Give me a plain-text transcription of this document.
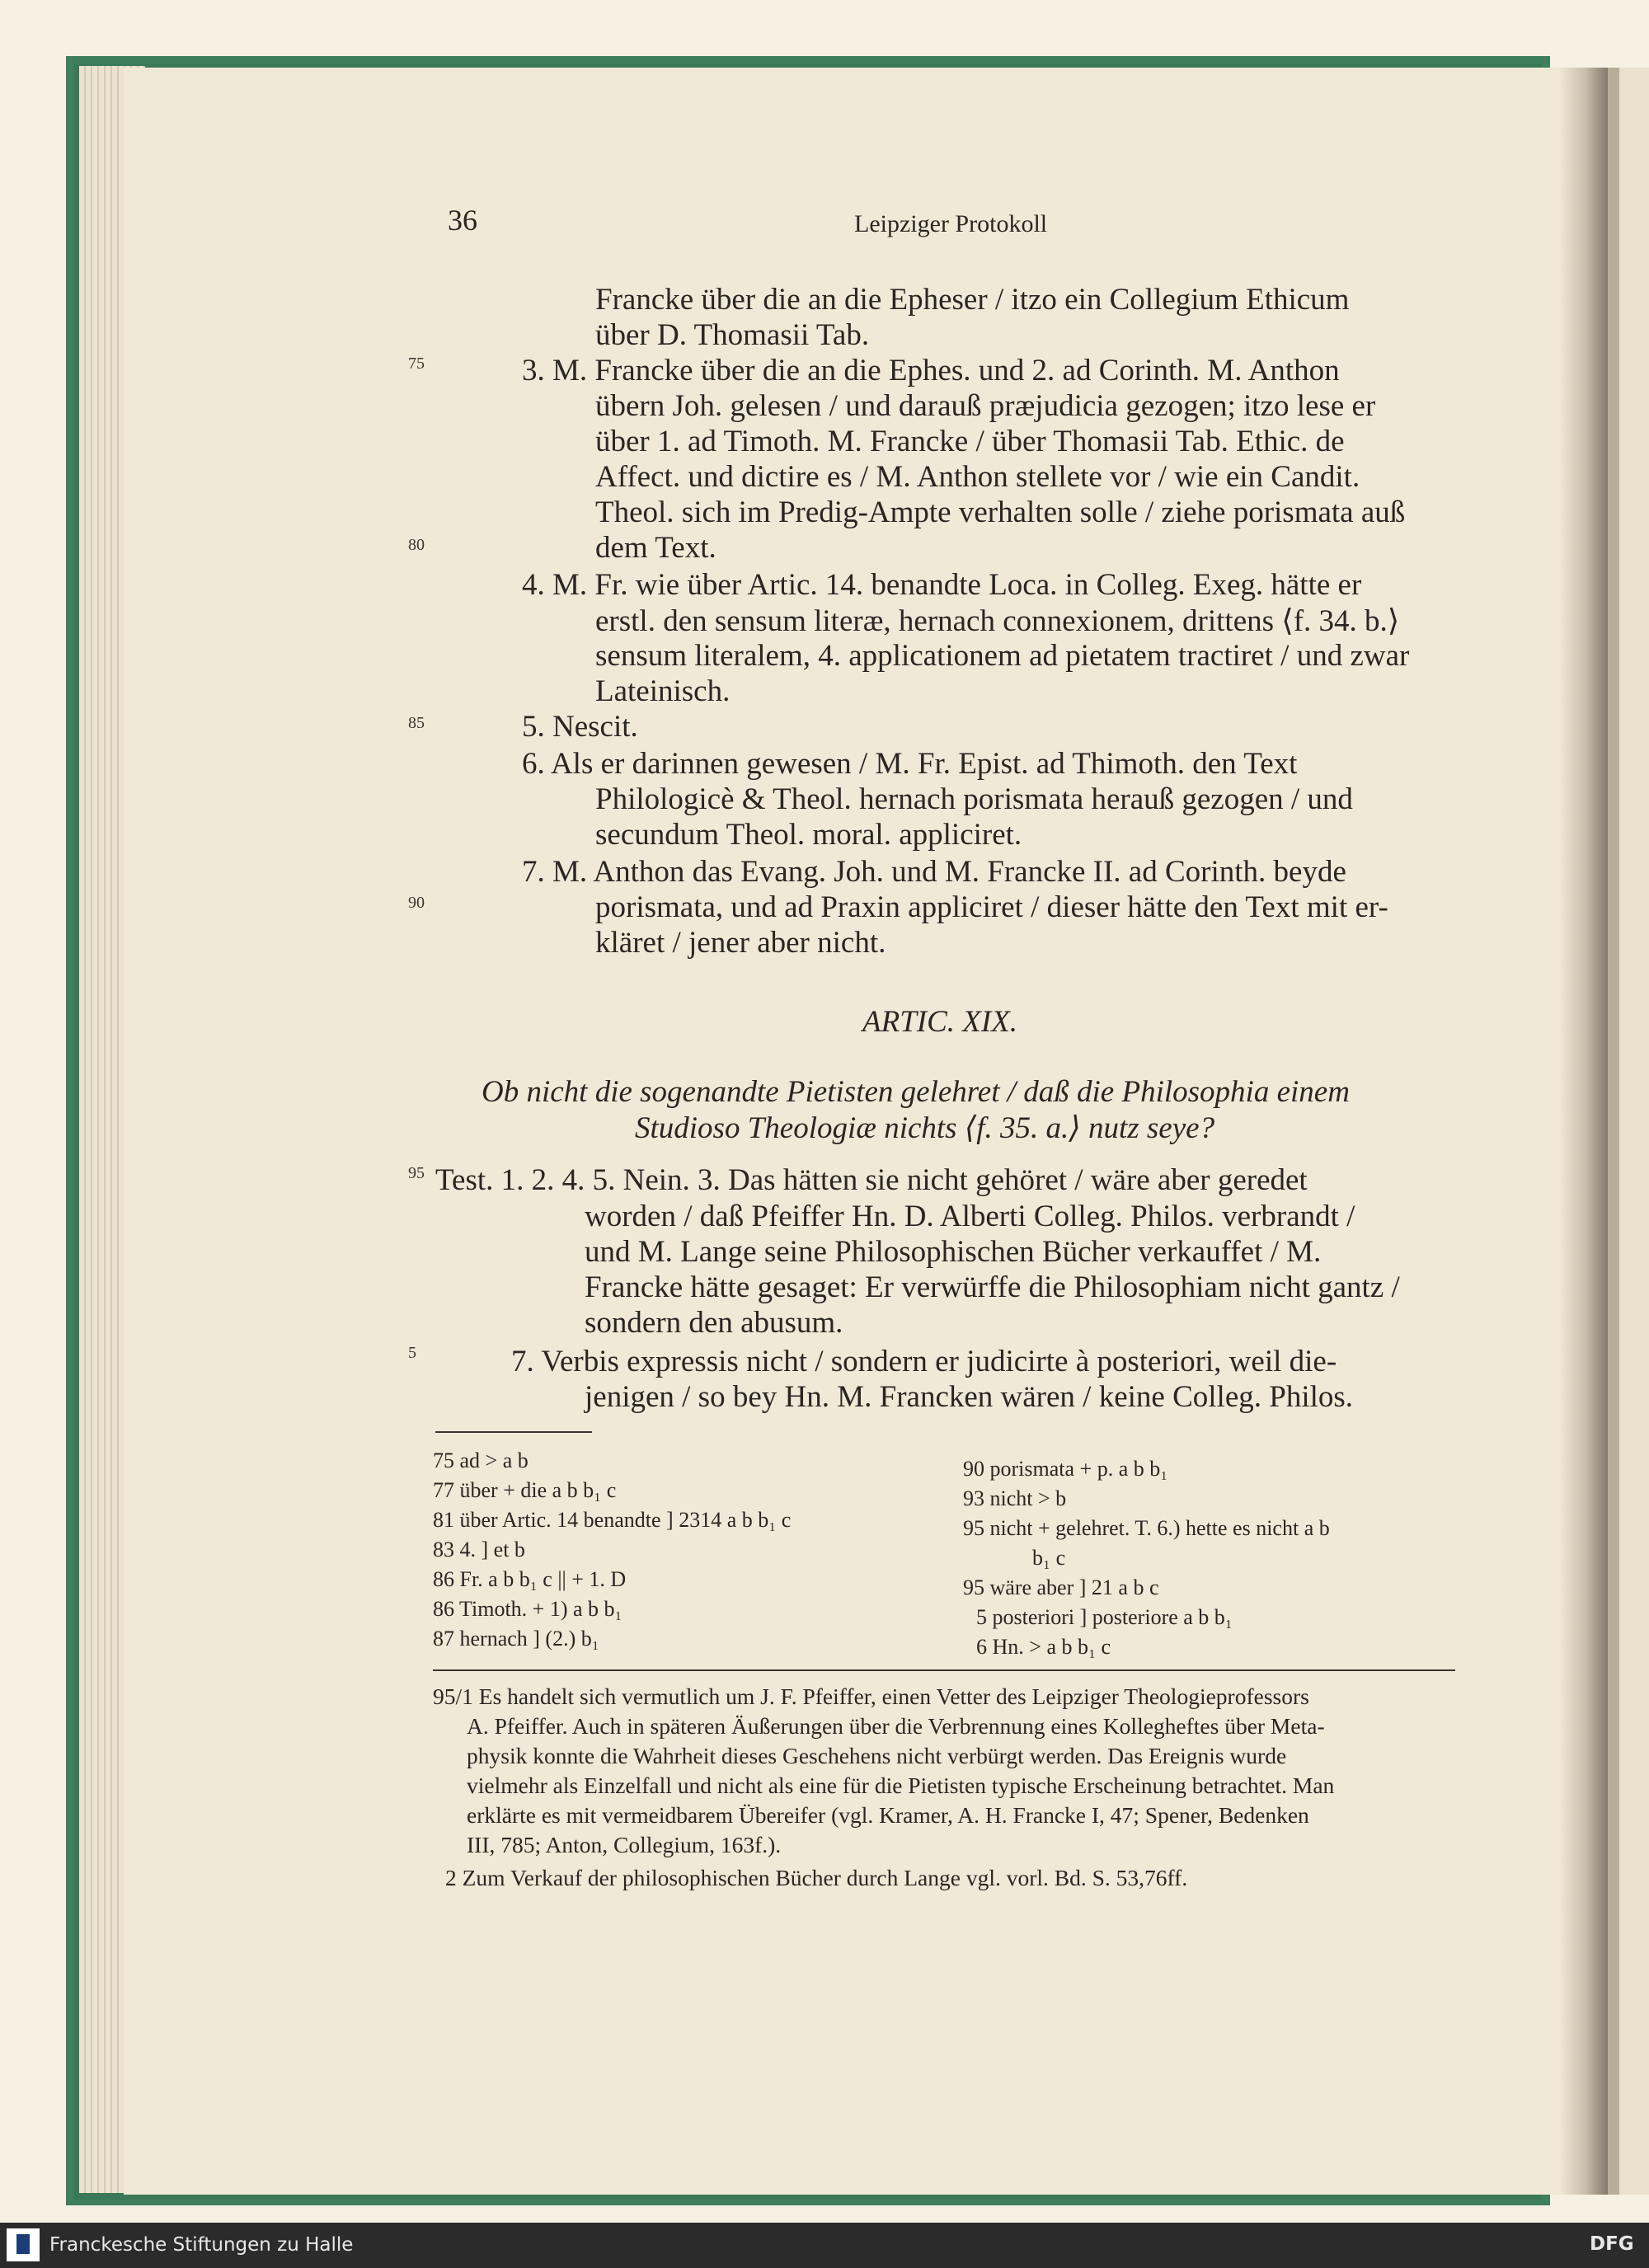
36	Leipziger Protokoll
75
80
85
90
95
5
Francke über die an die Epheser / itzo ein Collegium Ethicum
über D. Thomasii Tab.
3. M. Francke über die an die Ephes. und 2. ad Corinth. M. Anthon
übern Joh. gelesen / und darauß præjudicia gezogen; itzo lese er
über 1. ad Timoth. M. Francke / über Thomasii Tab. Ethic. de
Affect. und dictire es / M. Anthon stellete vor / wie ein Candit.
Theol. sich im Predig-Ampte verhalten solle / ziehe porismata auß
dem Text.
4. M. Fr. wie über Artic. 14. benandte Loca. in Colleg. Exeg. hätte er
erstl. den sensum literæ, hernach connexionem, drittens ⟨f. 34. b.⟩
sensum literalem, 4. applicationem ad pietatem tractiret / und zwar
Lateinisch.
5. Nescit.
6. Als er darinnen gewesen / M. Fr. Epist. ad Thimoth. den Text
Philologicè & Theol. hernach porismata herauß gezogen / und
secundum Theol. moral. appliciret.
7. M. Anthon das Evang. Joh. und M. Francke II. ad Corinth. beyde
porismata, und ad Praxin appliciret / dieser hätte den Text mit er-
kläret / jener aber nicht.
ARTIC. XIX.
Ob nicht die sogenandte Pietisten gelehret / daß die Philosophia einem
Studioso Theologiæ nichts ⟨f. 35. a.⟩ nutz seye?
Test. 1. 2. 4. 5. Nein. 3. Das hätten sie nicht gehöret / wäre aber geredet
worden / daß Pfeiffer Hn. D. Alberti Colleg. Philos. verbrandt /
und M. Lange seine Philosophischen Bücher verkauffet / M.
Francke hätte gesaget: Er verwürffe die Philosophiam nicht gantz /
sondern den abusum.
7. Verbis expressis nicht / sondern er judicirte à posteriori, weil die-
jenigen / so bey Hn. M. Francken wären / keine Colleg. Philos.
75 ad > a b
77 über + die a b b₁ c
81 über Artic. 14 benandte ] 2314 a b b₁ c
83 4. ] et b
86 Fr. a b b₁ c || + 1. D
86 Timoth. + 1) a b b₁
87 hernach ] (2.) b₁
90 porismata + p. a b b₁
93 nicht > b
95 nicht + gelehret. T. 6.) hette es nicht a b
b₁ c
95 wäre aber ] 21 a b c
5 posteriori ] posteriore a b b₁
6 Hn. > a b b₁ c
95/1 Es handelt sich vermutlich um J. F. Pfeiffer, einen Vetter des Leipziger Theologieprofessors
A. Pfeiffer. Auch in späteren Äußerungen über die Verbrennung eines Kollegheftes über Meta-
physik konnte die Wahrheit dieses Geschehens nicht verbürgt werden. Das Ereignis wurde
vielmehr als Einzelfall und nicht als eine für die Pietisten typische Erscheinung betrachtet. Man
erklärte es mit vermeidbarem Übereifer (vgl. Kramer, A. H. Francke I, 47; Spener, Bedenken
III, 785; Anton, Collegium, 163f.).
2 Zum Verkauf der philosophischen Bücher durch Lange vgl. vorl. Bd. S. 53,76ff.
Franckesche Stiftungen zu Halle	DFG
